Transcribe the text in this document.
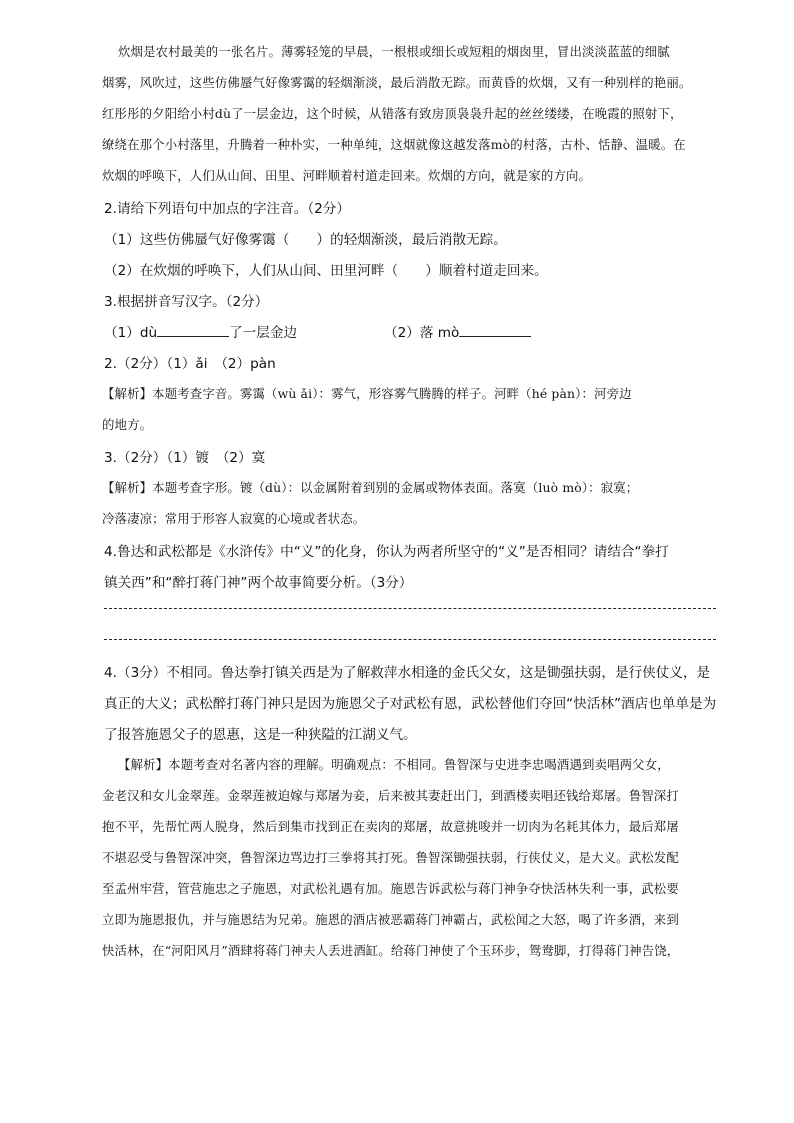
炊烟是农村最美的一张名片。薄雾轻笼的早晨，一根根或细长或短粗的烟囱里，冒出淡淡蓝蓝的细腻
烟雾，风吹过，这些仿佛蜃气好像雾霭的轻烟渐淡，最后消散无踪。而黄昏的炊烟，又有一种别样的艳丽。
红彤彤的夕阳给小村dù了一层金边，这个时候，从错落有致房顶袅袅升起的丝丝缕缕，在晚霞的照射下，
缭绕在那个小村落里，升腾着一种朴实，一种单纯，这烟就像这越发落mò的村落，古朴、恬静、温暖。在
炊烟的呼唤下，人们从山间、田里、河畔顺着村道走回来。炊烟的方向，就是家的方向。
2.请给下列语句中加点的字注音。（2分）
（1）这些仿佛蜃气好像雾霭（　　）的轻烟渐淡，最后消散无踪。
（2）在炊烟的呼唤下，人们从山间、田里河畔（　　）顺着村道走回来。
3.根据拼音写汉字。（2分）
（1）dù	了一层金边	（2）落 mò
2.（2分）（1）ǎi　（2）pàn
【解析】本题考查字音。雾霭（wù ǎi）：雾气，形容雾气腾腾的样子。河畔（hé pàn）：河旁边
的地方。
3.（2分）（1）镀　（2）寞
【解析】本题考查字形。镀（dù）：以金属附着到别的金属或物体表面。落寞（luò mò）：寂寞；
冷落凄凉；常用于形容人寂寞的心境或者状态。
4.鲁达和武松都是《水浒传》中“义”的化身，你认为两者所坚守的“义”是否相同？请结合“拳打
镇关西”和“醉打蒋门神”两个故事简要分析。（3分）
4.（3分）不相同。鲁达拳打镇关西是为了解救萍水相逢的金氏父女，这是锄强扶弱，是行侠仗义，是
真正的大义；武松醉打蒋门神只是因为施恩父子对武松有恩，武松替他们夺回“快活林”酒店也单单是为
了报答施恩父子的恩惠，这是一种狭隘的江湖义气。
【解析】本题考查对名著内容的理解。明确观点：不相同。鲁智深与史进李忠喝酒遇到卖唱两父女，
金老汉和女儿金翠莲。金翠莲被迫嫁与郑屠为妾，后来被其妻赶出门，到酒楼卖唱还钱给郑屠。鲁智深打
抱不平，先帮忙两人脱身，然后到集市找到正在卖肉的郑屠，故意挑唆并一切肉为名耗其体力，最后郑屠
不堪忍受与鲁智深冲突，鲁智深边骂边打三拳将其打死。鲁智深锄强扶弱，行侠仗义，是大义。武松发配
至孟州牢营，管营施忠之子施恩，对武松礼遇有加。施恩告诉武松与蒋门神争夺快活林失利一事，武松要
立即为施恩报仇，并与施恩结为兄弟。施恩的酒店被恶霸蒋门神霸占，武松闻之大怒，喝了许多酒，来到
快活林，在“河阳风月”酒肆将蒋门神夫人丢进酒缸。给蒋门神使了个玉环步，鸳鸯脚，打得蒋门神告饶，
